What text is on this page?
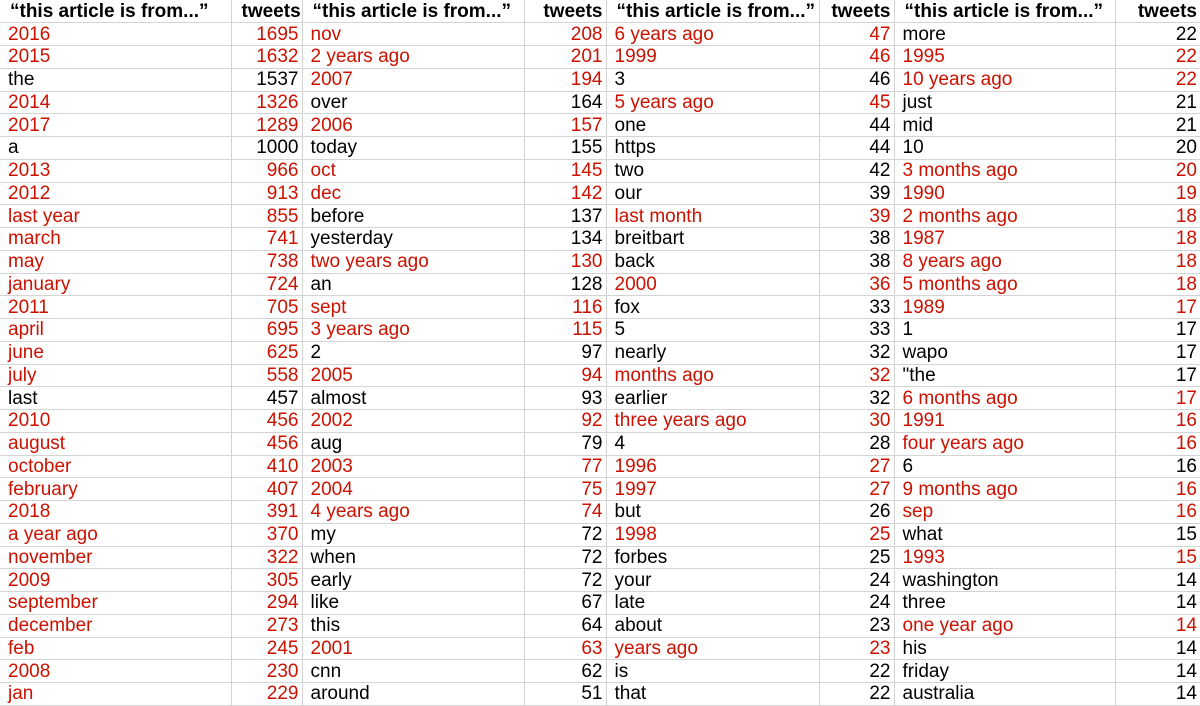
“this article is from...”	tweets	“this article is from...”	tweets	“this article is from...”	tweets	“this article is from...”	tweets
2016	1695	nov	208	6 years ago	47	more	22
2015	1632	2 years ago	201	1999	46	1995	22
the	1537	2007	194	3	46	10 years ago	22
2014	1326	over	164	5 years ago	45	just	21
2017	1289	2006	157	one	44	mid	21
a	1000	today	155	https	44	10	20
2013	966	oct	145	two	42	3 months ago	20
2012	913	dec	142	our	39	1990	19
last year	855	before	137	last month	39	2 months ago	18
march	741	yesterday	134	breitbart	38	1987	18
may	738	two years ago	130	back	38	8 years ago	18
january	724	an	128	2000	36	5 months ago	18
2011	705	sept	116	fox	33	1989	17
april	695	3 years ago	115	5	33	1	17
june	625	2	97	nearly	32	wapo	17
july	558	2005	94	months ago	32	"the	17
last	457	almost	93	earlier	32	6 months ago	17
2010	456	2002	92	three years ago	30	1991	16
august	456	aug	79	4	28	four years ago	16
october	410	2003	77	1996	27	6	16
february	407	2004	75	1997	27	9 months ago	16
2018	391	4 years ago	74	but	26	sep	16
a year ago	370	my	72	1998	25	what	15
november	322	when	72	forbes	25	1993	15
2009	305	early	72	your	24	washington	14
september	294	like	67	late	24	three	14
december	273	this	64	about	23	one year ago	14
feb	245	2001	63	years ago	23	his	14
2008	230	cnn	62	is	22	friday	14
jan	229	around	51	that	22	australia	14
